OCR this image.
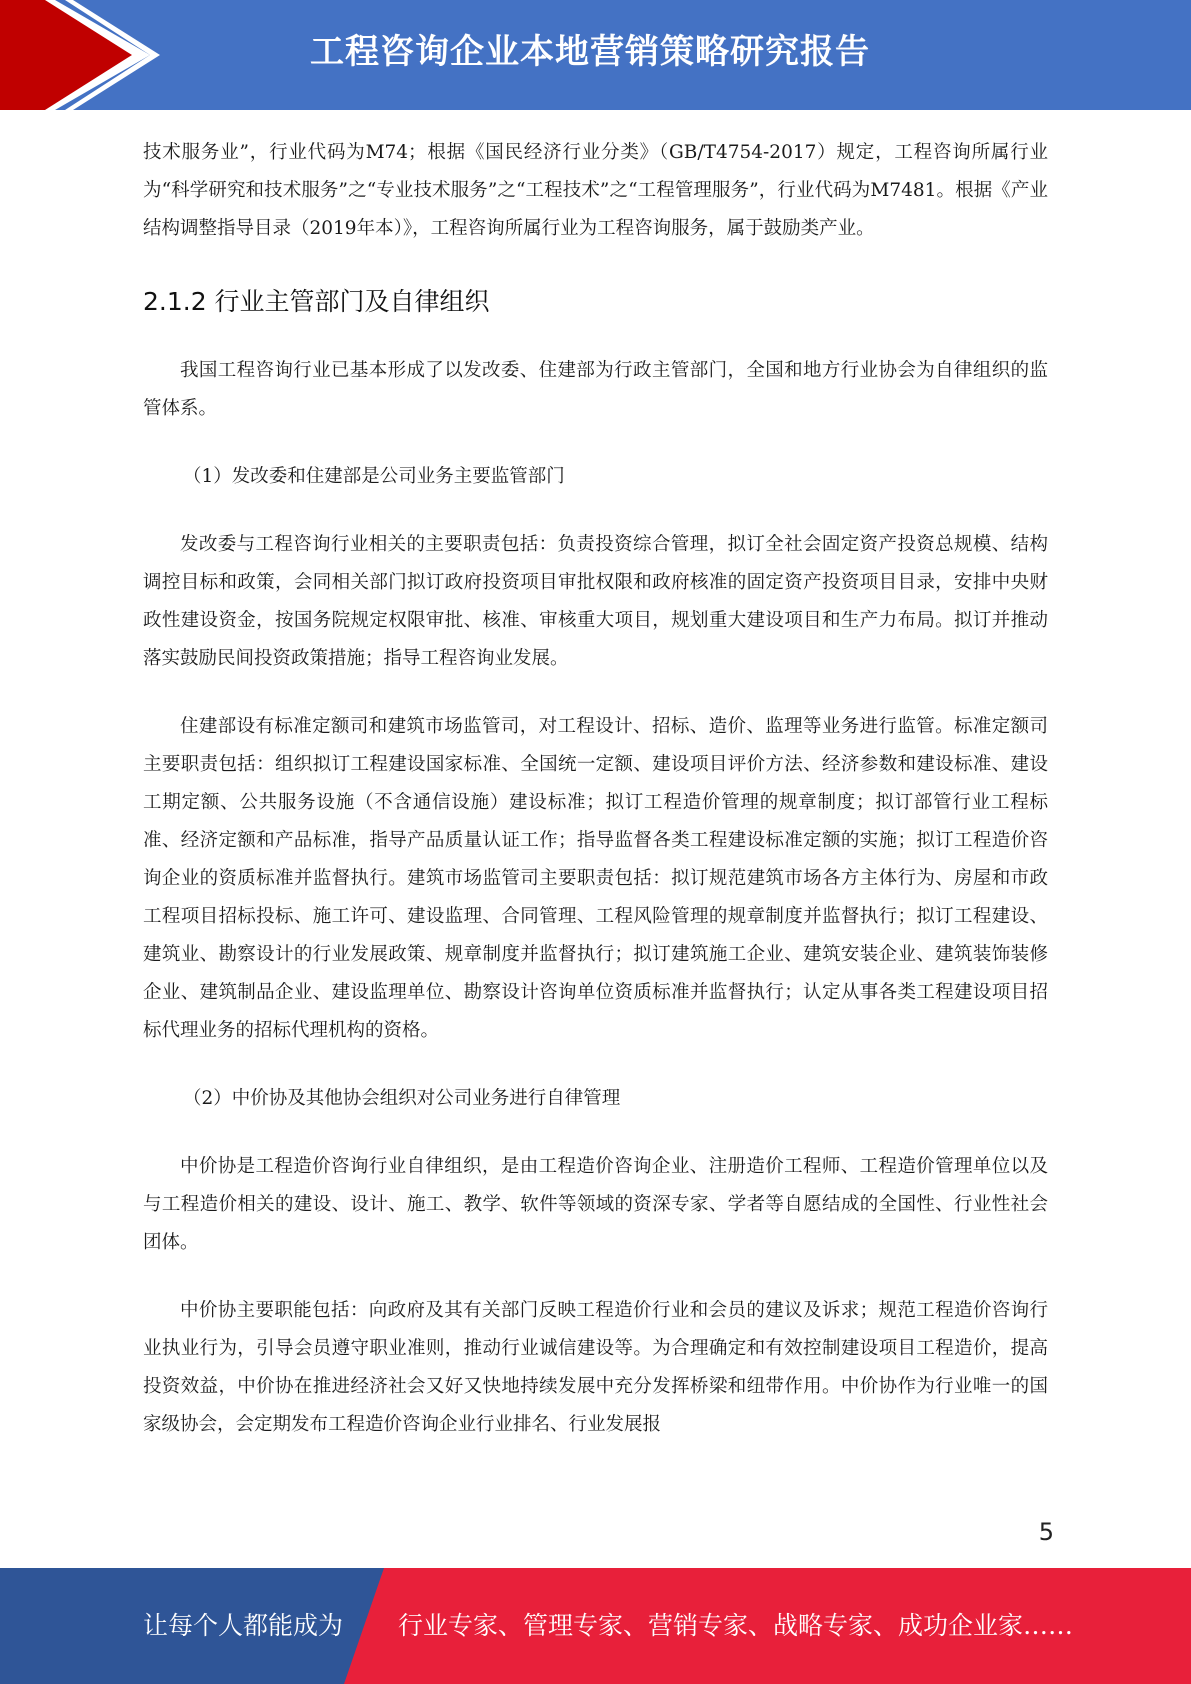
工程咨询企业本地营销策略研究报告

技术服务业”，行业代码为M74；根据《国民经济行业分类》（GB/T4754-2017）规定，工程咨询所属行业为“科学研究和技术服务”之“专业技术服务”之“工程技术”之“工程管理服务”，行业代码为M7481。根据《产业结构调整指导目录（2019年本）》，工程咨询所属行业为工程咨询服务，属于鼓励类产业。

2.1.2 行业主管部门及自律组织

我国工程咨询行业已基本形成了以发改委、住建部为行政主管部门，全国和地方行业协会为自律组织的监管体系。

（1）发改委和住建部是公司业务主要监管部门

发改委与工程咨询行业相关的主要职责包括：负责投资综合管理，拟订全社会固定资产投资总规模、结构调控目标和政策，会同相关部门拟订政府投资项目审批权限和政府核准的固定资产投资项目目录，安排中央财政性建设资金，按国务院规定权限审批、核准、审核重大项目，规划重大建设项目和生产力布局。拟订并推动落实鼓励民间投资政策措施；指导工程咨询业发展。

住建部设有标准定额司和建筑市场监管司，对工程设计、招标、造价、监理等业务进行监管。标准定额司主要职责包括：组织拟订工程建设国家标准、全国统一定额、建设项目评价方法、经济参数和建设标准、建设工期定额、公共服务设施（不含通信设施）建设标准；拟订工程造价管理的规章制度；拟订部管行业工程标准、经济定额和产品标准，指导产品质量认证工作；指导监督各类工程建设标准定额的实施；拟订工程造价咨询企业的资质标准并监督执行。建筑市场监管司主要职责包括：拟订规范建筑市场各方主体行为、房屋和市政工程项目招标投标、施工许可、建设监理、合同管理、工程风险管理的规章制度并监督执行；拟订工程建设、建筑业、勘察设计的行业发展政策、规章制度并监督执行；拟订建筑施工企业、建筑安装企业、建筑装饰装修企业、建筑制品企业、建设监理单位、勘察设计咨询单位资质标准并监督执行；认定从事各类工程建设项目招标代理业务的招标代理机构的资格。

（2）中价协及其他协会组织对公司业务进行自律管理

中价协是工程造价咨询行业自律组织，是由工程造价咨询企业、注册造价工程师、工程造价管理单位以及与工程造价相关的建设、设计、施工、教学、软件等领域的资深专家、学者等自愿结成的全国性、行业性社会团体。

中价协主要职能包括：向政府及其有关部门反映工程造价行业和会员的建议及诉求；规范工程造价咨询行业执业行为，引导会员遵守职业准则，推动行业诚信建设等。为合理确定和有效控制建设项目工程造价，提高投资效益，中价协在推进经济社会又好又快地持续发展中充分发挥桥梁和纽带作用。中价协作为行业唯一的国家级协会，会定期发布工程造价咨询企业行业排名、行业发展报

5
让每个人都能成为 行业专家、管理专家、营销专家、战略专家、成功企业家……
